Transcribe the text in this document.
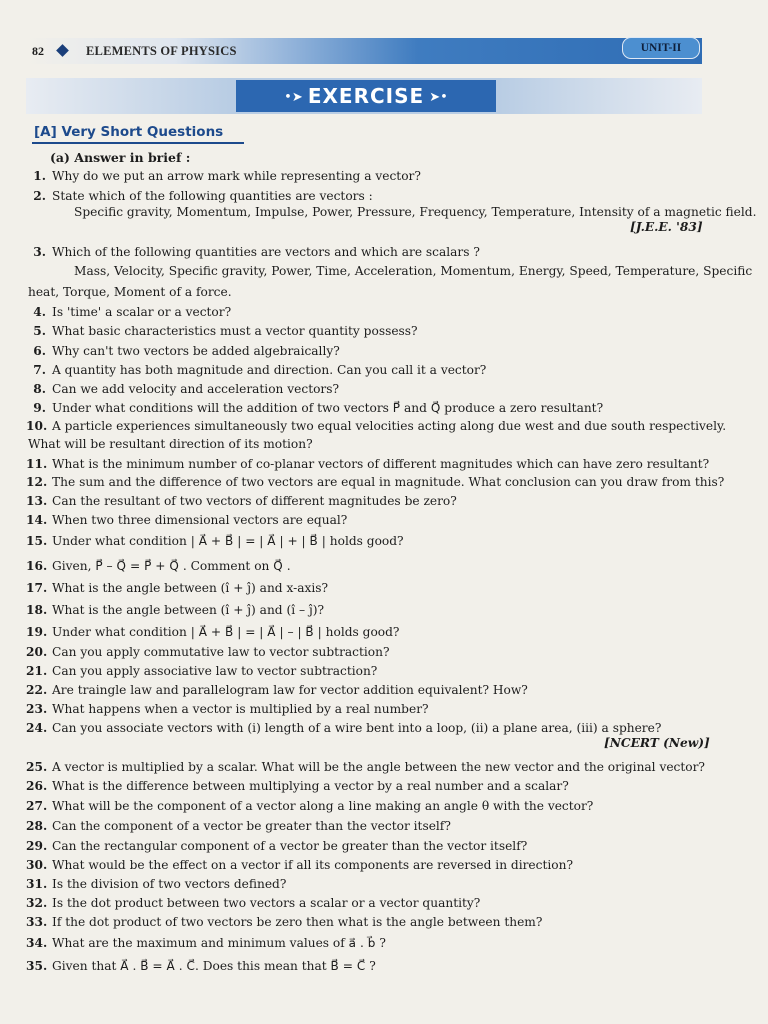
82	ELEMENTS OF PHYSICS	UNIT-II
•➤ EXERCISE ➤•
[A] Very Short Questions
(a) Answer in brief :
1. Why do we put an arrow mark while representing a vector?
2. State which of the following quantities are vectors :
Specific gravity, Momentum, Impulse, Power, Pressure, Frequency, Temperature, Intensity of a magnetic field.
[J.E.E. '83]
3. Which of the following quantities are vectors and which are scalars ?
Mass, Velocity, Specific gravity, Power, Time, Acceleration, Momentum, Energy, Speed, Temperature, Specific
heat, Torque, Moment of a force.
4. Is 'time' a scalar or a vector?
5. What basic characteristics must a vector quantity possess?
6. Why can't two vectors be added algebraically?
7. A quantity has both magnitude and direction. Can you call it a vector?
8. Can we add velocity and acceleration vectors?
9. Under what conditions will the addition of two vectors P⃗ and Q⃗ produce a zero resultant?
10. A particle experiences simultaneously two equal velocities acting along due west and due south respectively.
What will be resultant direction of its motion?
11. What is the minimum number of co-planar vectors of different magnitudes which can have zero resultant?
12. The sum and the difference of two vectors are equal in magnitude. What conclusion can you draw from this?
13. Can the resultant of two vectors of different magnitudes be zero?
14. When two three dimensional vectors are equal?
15. Under what condition | A⃗ + B⃗ | = | A⃗ | + | B⃗ | holds good?
16. Given, P⃗ – Q⃗ = P⃗ + Q⃗ . Comment on Q⃗ .
17. What is the angle between (î + ĵ) and x-axis?
18. What is the angle between (î + ĵ) and (î – ĵ)?
19. Under what condition | A⃗ + B⃗ | = | A⃗ | – | B⃗ | holds good?
20. Can you apply commutative law to vector subtraction?
21. Can you apply associative law to vector subtraction?
22. Are traingle law and parallelogram law for vector addition equivalent? How?
23. What happens when a vector is multiplied by a real number?
24. Can you associate vectors with (i) length of a wire bent into a loop, (ii) a plane area, (iii) a sphere?
[NCERT (New)]
25. A vector is multiplied by a scalar. What will be the angle between the new vector and the original vector?
26. What is the difference between multiplying a vector by a real number and a scalar?
27. What will be the component of a vector along a line making an angle θ with the vector?
28. Can the component of a vector be greater than the vector itself?
29. Can the rectangular component of a vector be greater than the vector itself?
30. What would be the effect on a vector if all its components are reversed in direction?
31. Is the division of two vectors defined?
32. Is the dot product between two vectors a scalar or a vector quantity?
33. If the dot product of two vectors be zero then what is the angle between them?
34. What are the maximum and minimum values of a⃗ . b⃗ ?
35. Given that A⃗ . B⃗ = A⃗ . C⃗. Does this mean that B⃗ = C⃗ ?
